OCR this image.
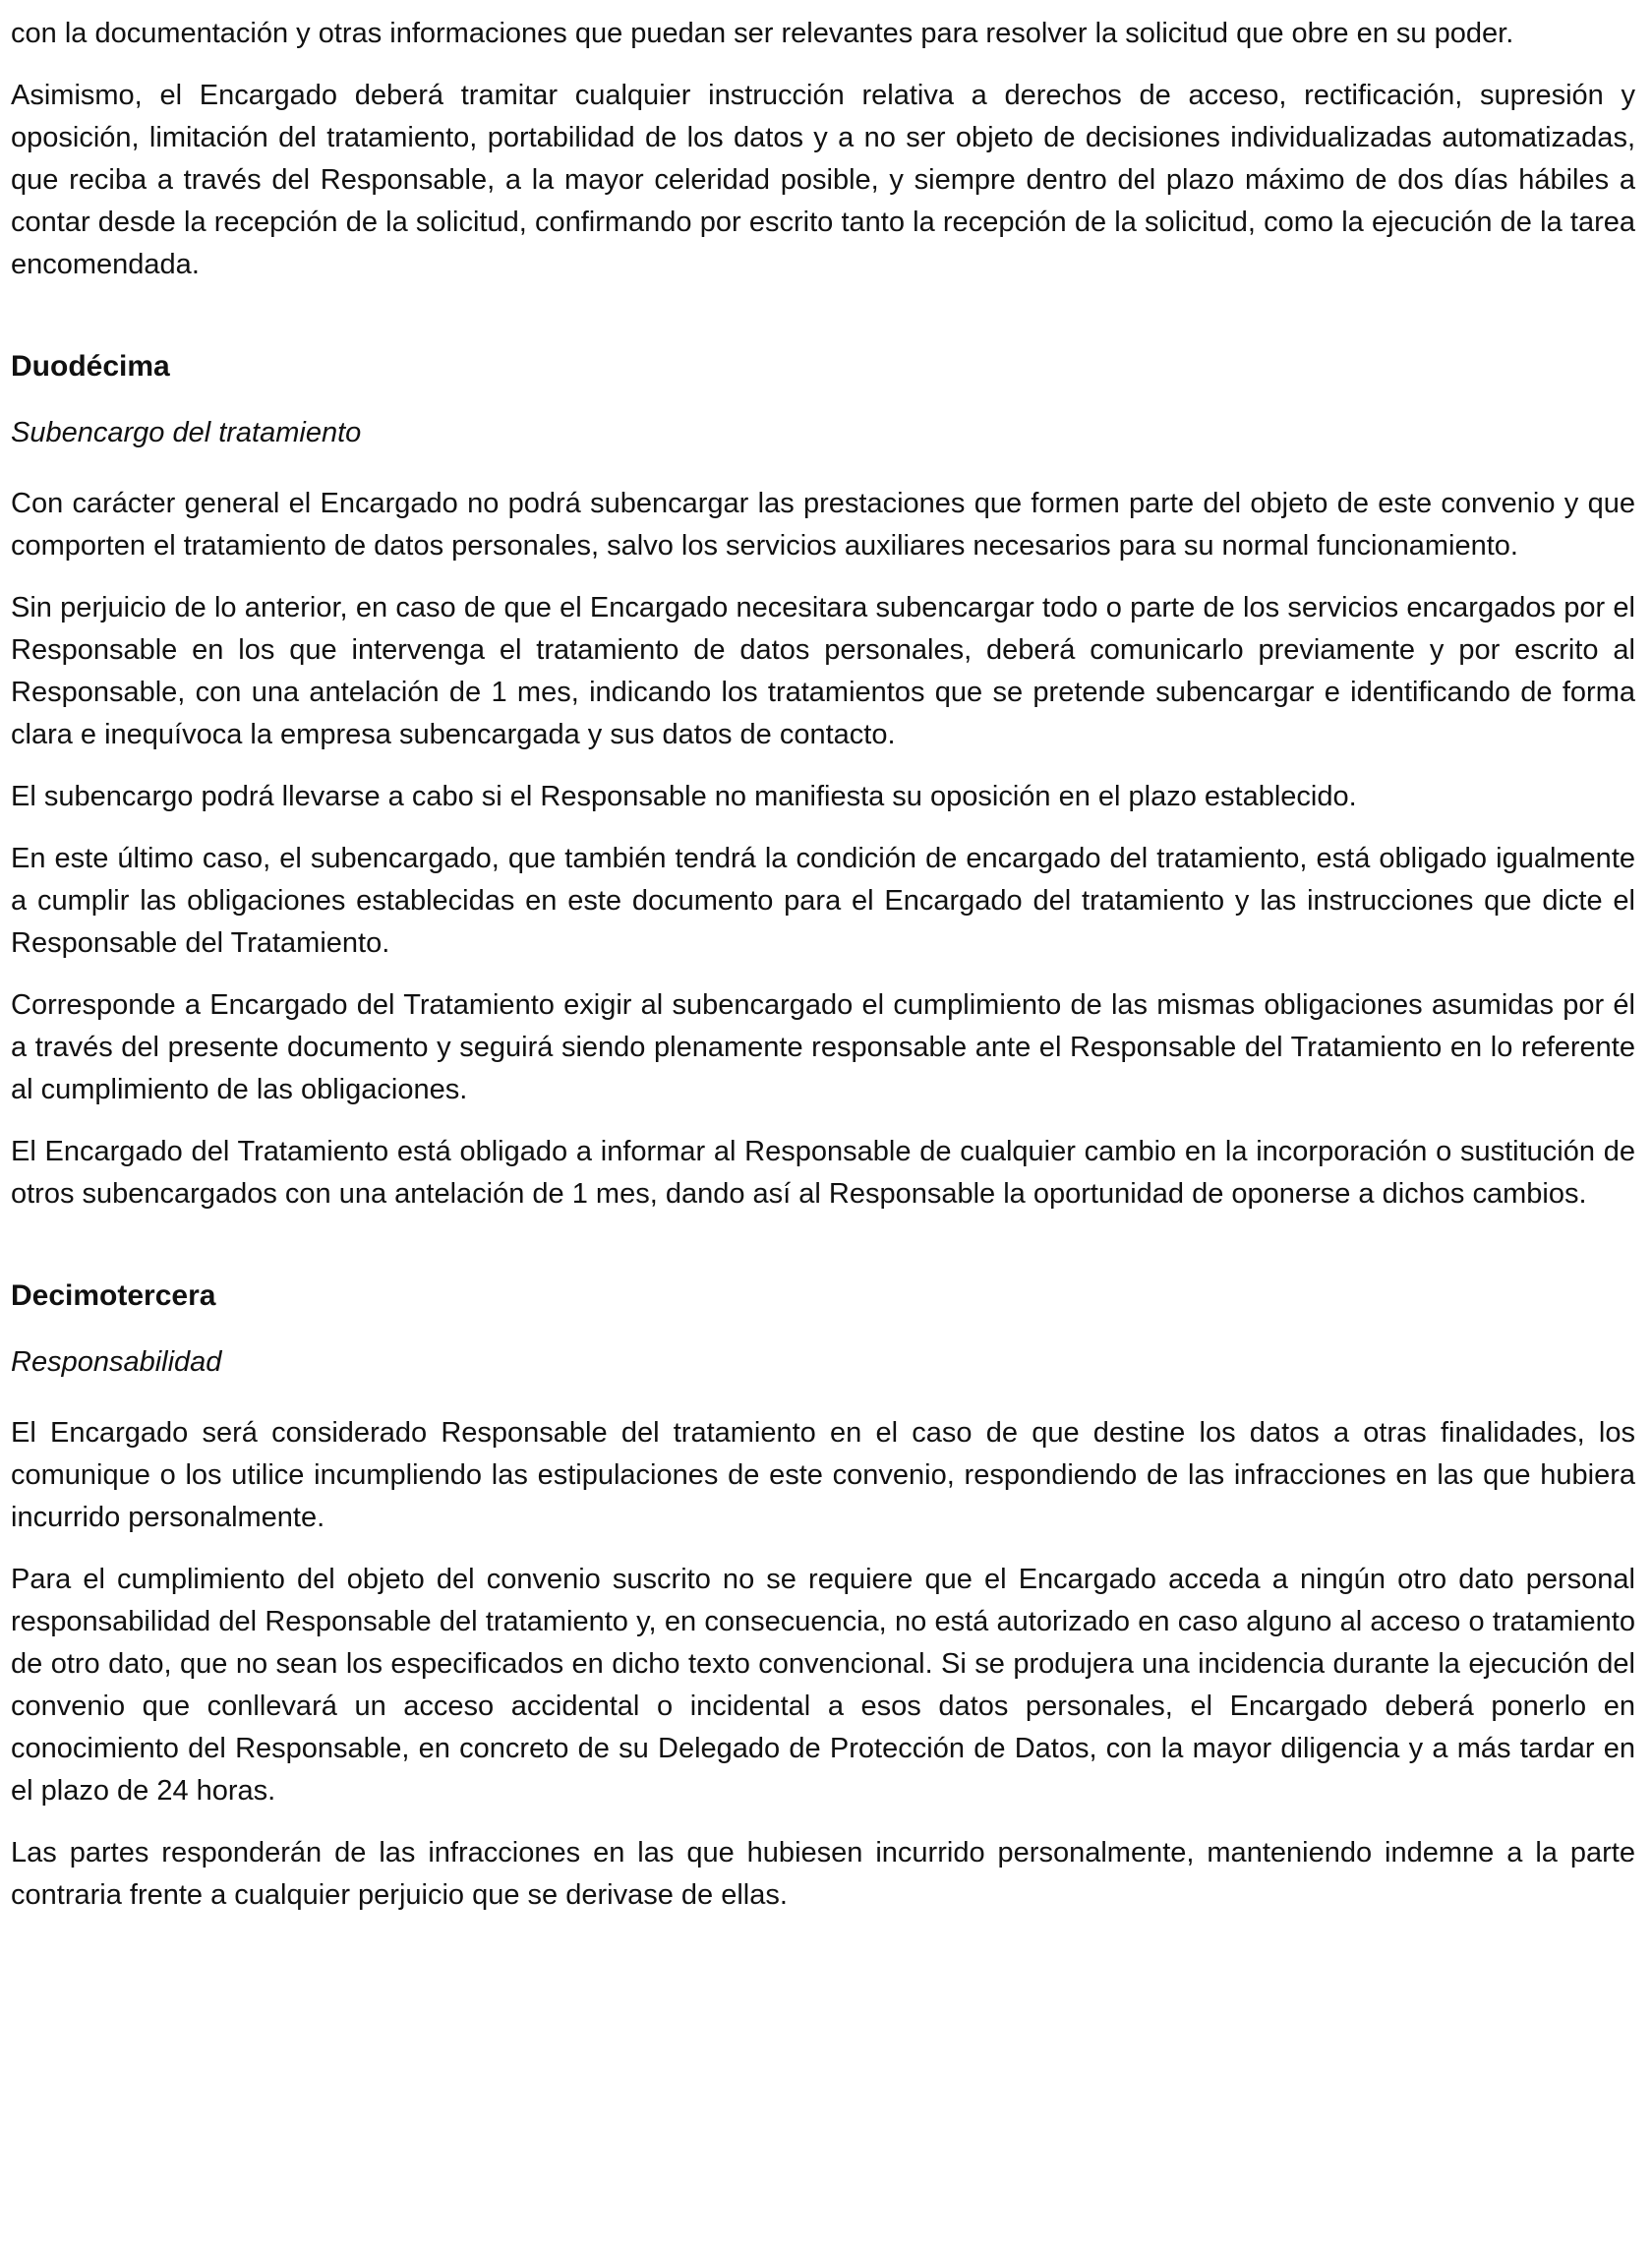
con la documentación y otras informaciones que puedan ser relevantes para resolver la solicitud que obre en su poder.

Asimismo, el Encargado deberá tramitar cualquier instrucción relativa a derechos de acceso, rectificación, supresión y oposición, limitación del tratamiento, portabilidad de los datos y a no ser objeto de decisiones individualizadas automatizadas, que reciba a través del Responsable, a la mayor celeridad posible, y siempre dentro del plazo máximo de dos días hábiles a contar desde la recepción de la solicitud, confirmando por escrito tanto la recepción de la solicitud, como la ejecución de la tarea encomendada.

Duodécima

Subencargo del tratamiento

Con carácter general el Encargado no podrá subencargar las prestaciones que formen parte del objeto de este convenio y que comporten el tratamiento de datos personales, salvo los servicios auxiliares necesarios para su normal funcionamiento.

Sin perjuicio de lo anterior, en caso de que el Encargado necesitara subencargar todo o parte de los servicios encargados por el Responsable en los que intervenga el tratamiento de datos personales, deberá comunicarlo previamente y por escrito al Responsable, con una antelación de 1 mes, indicando los tratamientos que se pretende subencargar e identificando de forma clara e inequívoca la empresa subencargada y sus datos de contacto.

El subencargo podrá llevarse a cabo si el Responsable no manifiesta su oposición en el plazo establecido.

En este último caso, el subencargado, que también tendrá la condición de encargado del tratamiento, está obligado igualmente a cumplir las obligaciones establecidas en este documento para el Encargado del tratamiento y las instrucciones que dicte el Responsable del Tratamiento.

Corresponde a Encargado del Tratamiento exigir al subencargado el cumplimiento de las mismas obligaciones asumidas por él a través del presente documento y seguirá siendo plenamente responsable ante el Responsable del Tratamiento en lo referente al cumplimiento de las obligaciones.

El Encargado del Tratamiento está obligado a informar al Responsable de cualquier cambio en la incorporación o sustitución de otros subencargados con una antelación de 1 mes, dando así al Responsable la oportunidad de oponerse a dichos cambios.

Decimotercera

Responsabilidad

El Encargado será considerado Responsable del tratamiento en el caso de que destine los datos a otras finalidades, los comunique o los utilice incumpliendo las estipulaciones de este convenio, respondiendo de las infracciones en las que hubiera incurrido personalmente.

Para el cumplimiento del objeto del convenio suscrito no se requiere que el Encargado acceda a ningún otro dato personal responsabilidad del Responsable del tratamiento y, en consecuencia, no está autorizado en caso alguno al acceso o tratamiento de otro dato, que no sean los especificados en dicho texto convencional. Si se produjera una incidencia durante la ejecución del convenio que conllevará un acceso accidental o incidental a esos datos personales, el Encargado deberá ponerlo en conocimiento del Responsable, en concreto de su Delegado de Protección de Datos, con la mayor diligencia y a más tardar en el plazo de 24 horas.

Las partes responderán de las infracciones en las que hubiesen incurrido personalmente, manteniendo indemne a la parte contraria frente a cualquier perjuicio que se derivase de ellas.
